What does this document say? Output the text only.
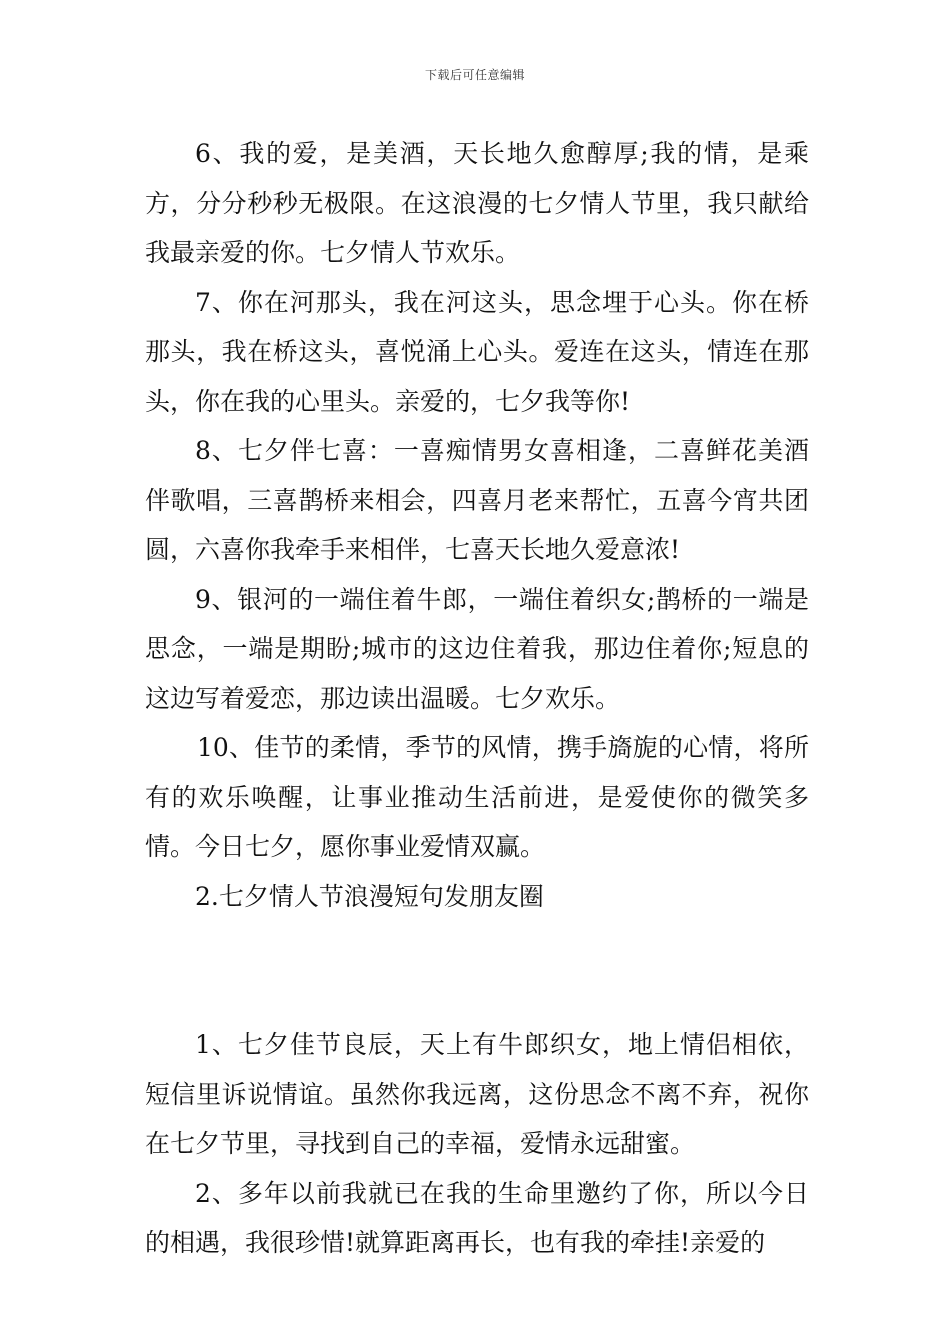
下载后可任意编辑

6、我的爱，是美酒，天长地久愈醇厚;我的情，是乘方，分分秒秒无极限。在这浪漫的七夕情人节里，我只献给我最亲爱的你。七夕情人节欢乐。

7、你在河那头，我在河这头，思念埋于心头。你在桥那头，我在桥这头，喜悦涌上心头。爱连在这头，情连在那头，你在我的心里头。亲爱的，七夕我等你!

8、七夕伴七喜：一喜痴情男女喜相逢，二喜鲜花美酒伴歌唱，三喜鹊桥来相会，四喜月老来帮忙，五喜今宵共团圆，六喜你我牵手来相伴，七喜天长地久爱意浓!

9、银河的一端住着牛郎，一端住着织女;鹊桥的一端是思念，一端是期盼;城市的这边住着我，那边住着你;短息的这边写着爱恋，那边读出温暖。七夕欢乐。

10、佳节的柔情，季节的风情，携手旖旎的心情，将所有的欢乐唤醒，让事业推动生活前进，是爱使你的微笑多情。今日七夕，愿你事业爱情双赢。

2.七夕情人节浪漫短句发朋友圈

1、七夕佳节良辰，天上有牛郎织女，地上情侣相依，短信里诉说情谊。虽然你我远离，这份思念不离不弃，祝你在七夕节里，寻找到自己的幸福，爱情永远甜蜜。

2、多年以前我就已在我的生命里邀约了你，所以今日的相遇，我很珍惜!就算距离再长，也有我的牵挂!亲爱的
